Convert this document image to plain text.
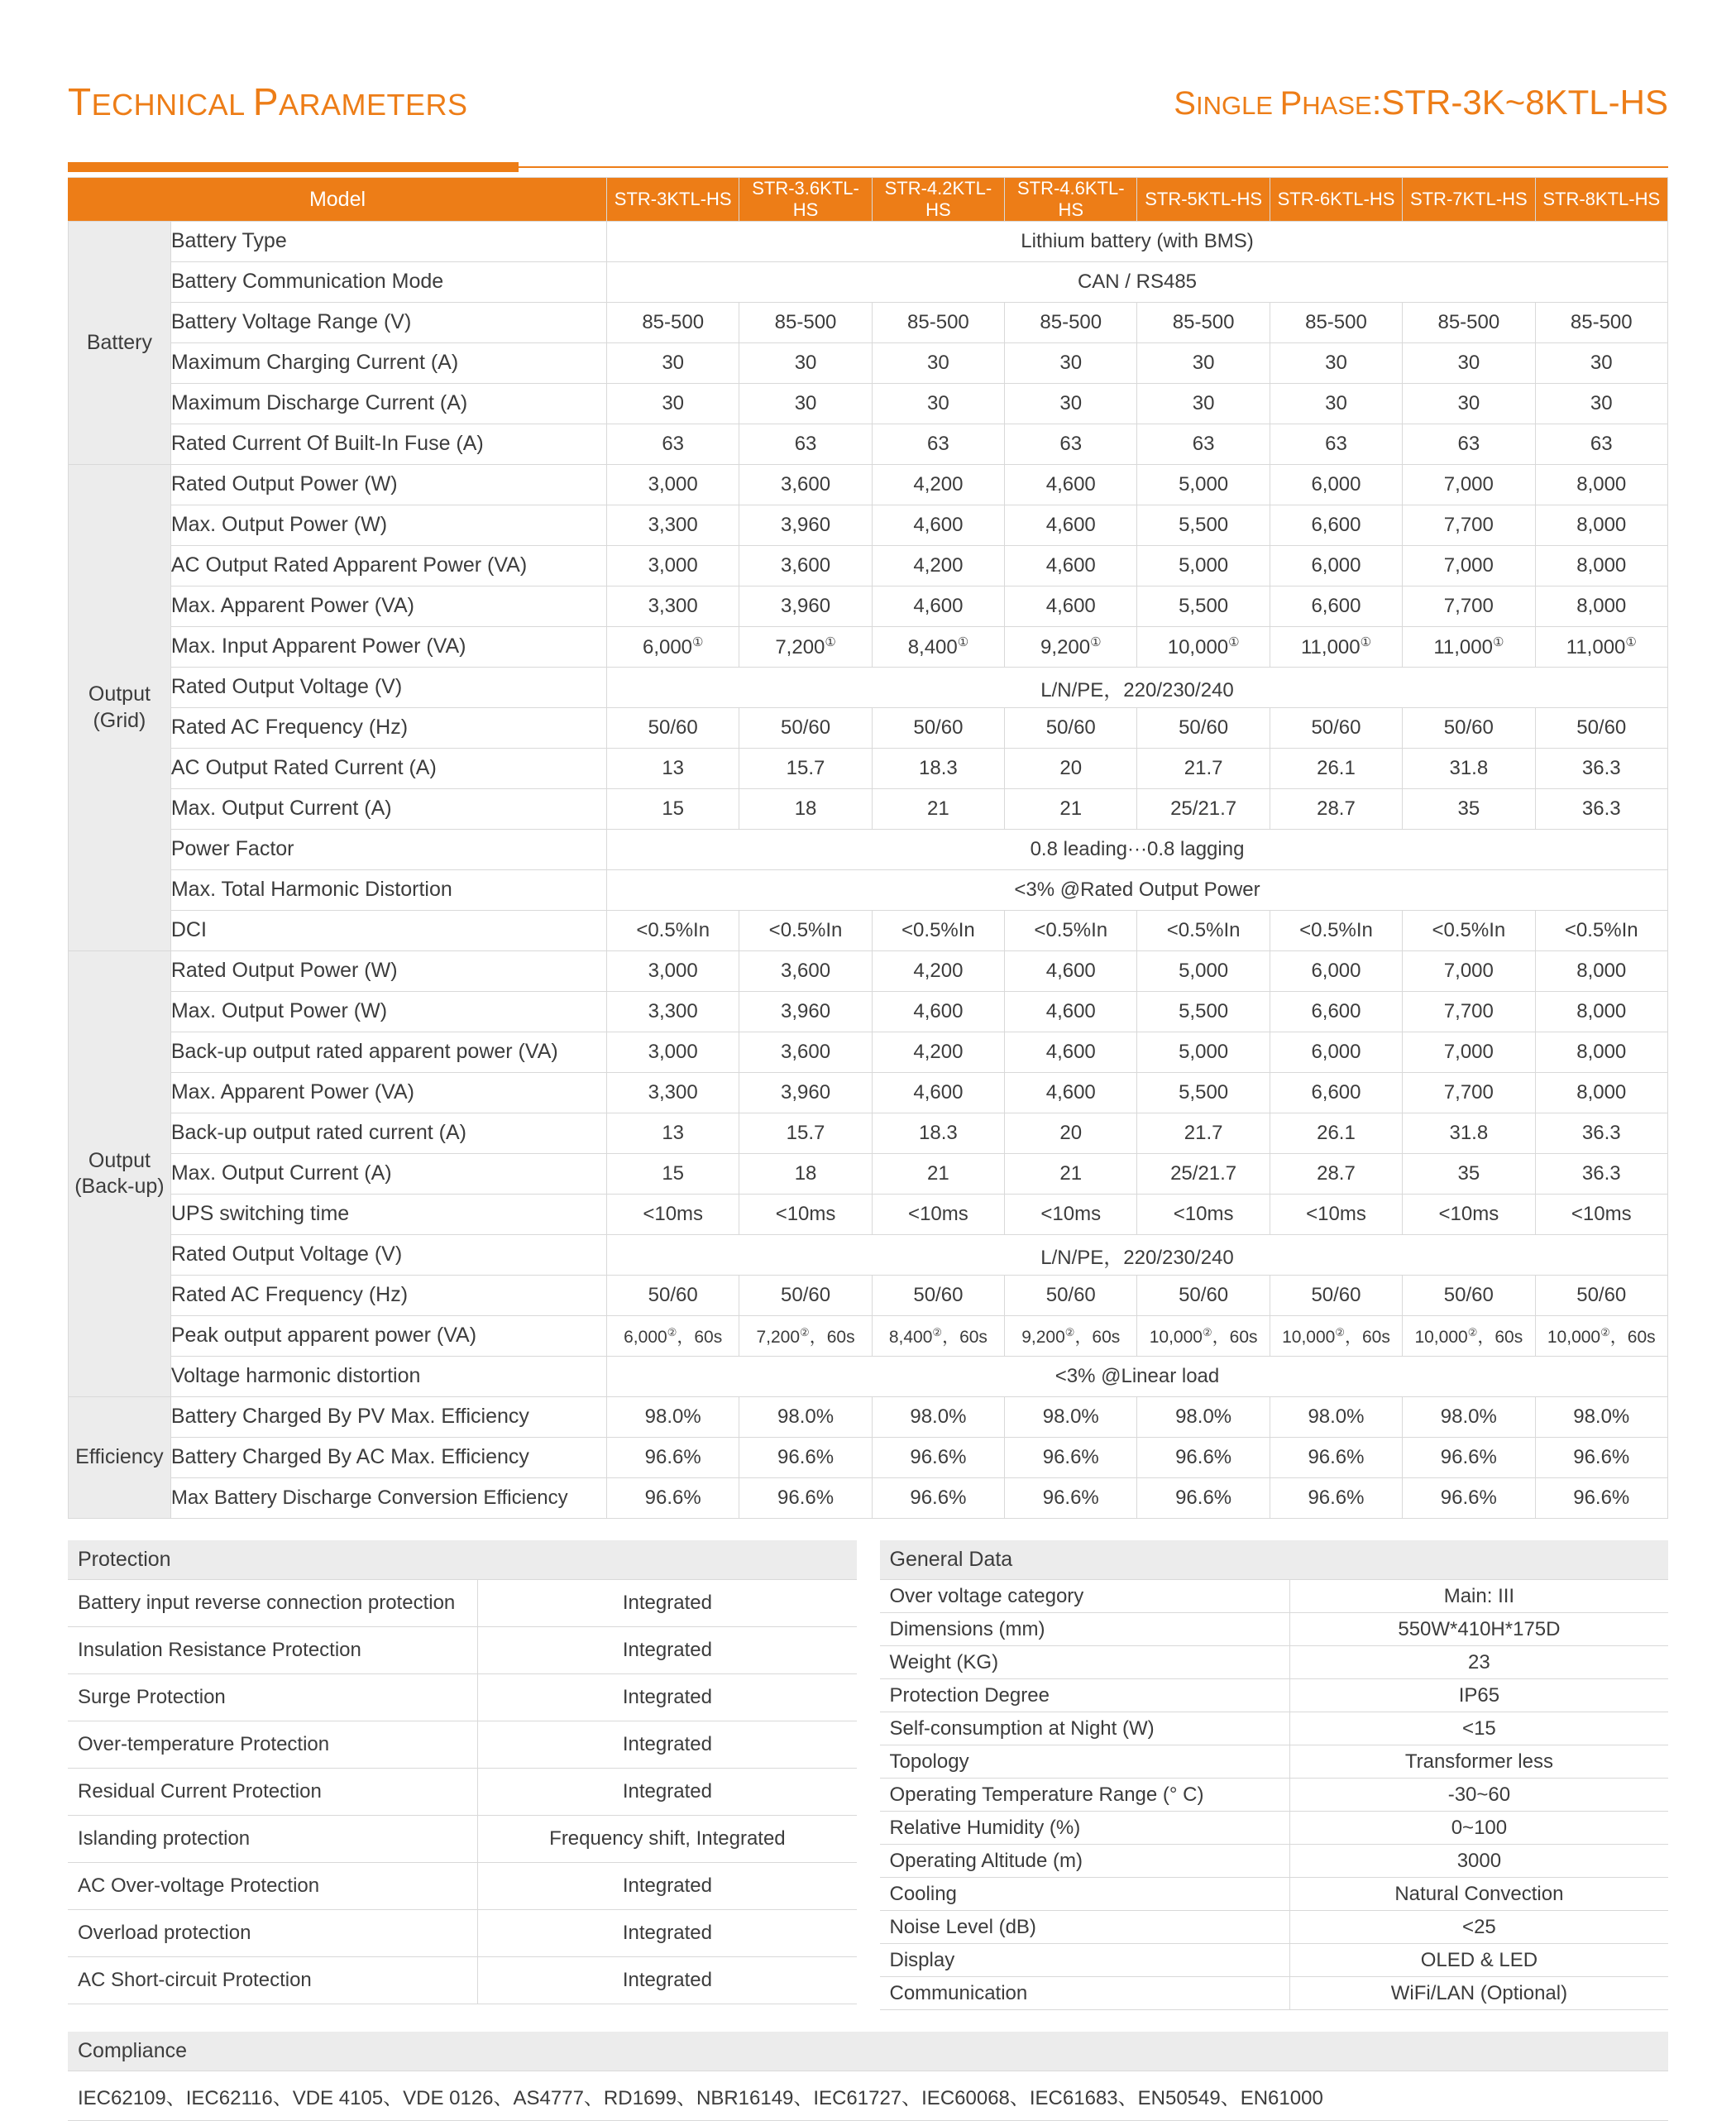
TECHNICAL PARAMETERS	SINGLE PHASE:STR-3K~8KTL-HS
Model		STR-3KTL-HS	STR-3.6KTL-HS	STR-4.2KTL-HS	STR-4.6KTL-HS	STR-5KTL-HS	STR-6KTL-HS	STR-7KTL-HS	STR-8KTL-HS
Battery	Battery Type	Lithium battery (with BMS)							
	Battery Communication Mode	CAN / RS485							
	Battery Voltage Range (V)	85-500	85-500	85-500	85-500	85-500	85-500	85-500	85-500
	Maximum Charging Current (A)	30	30	30	30	30	30	30	30
	Maximum Discharge Current (A)	30	30	30	30	30	30	30	30
	Rated Current Of Built-In Fuse (A)	63	63	63	63	63	63	63	63
Output
(Grid)	Rated Output Power (W)	3,000	3,600	4,200	4,600	5,000	6,000	7,000	8,000
	Max. Output Power (W)	3,300	3,960	4,600	4,600	5,500	6,600	7,700	8,000
	AC Output Rated Apparent Power (VA)	3,000	3,600	4,200	4,600	5,000	6,000	7,000	8,000
	Max. Apparent Power (VA)	3,300	3,960	4,600	4,600	5,500	6,600	7,700	8,000
	Max. Input Apparent Power (VA)	6,000①	7,200①	8,400①	9,200①	10,000①	11,000①	11,000①	11,000①
	Rated Output Voltage (V)	L/N/PE，220/230/240							
	Rated AC Frequency (Hz)	50/60	50/60	50/60	50/60	50/60	50/60	50/60	50/60
	AC Output Rated Current (A)	13	15.7	18.3	20	21.7	26.1	31.8	36.3
	Max. Output Current (A)	15	18	21	21	25/21.7	28.7	35	36.3
	Power Factor	0.8 leading···0.8 lagging							
	Max. Total Harmonic Distortion	<3% @Rated Output Power							
	DCI	<0.5%In	<0.5%In	<0.5%In	<0.5%In	<0.5%In	<0.5%In	<0.5%In	<0.5%In
Output
(Back-up)	Rated Output Power (W)	3,000	3,600	4,200	4,600	5,000	6,000	7,000	8,000
	Max. Output Power (W)	3,300	3,960	4,600	4,600	5,500	6,600	7,700	8,000
	Back-up output rated apparent power (VA)	3,000	3,600	4,200	4,600	5,000	6,000	7,000	8,000
	Max. Apparent Power (VA)	3,300	3,960	4,600	4,600	5,500	6,600	7,700	8,000
	Back-up output rated current (A)	13	15.7	18.3	20	21.7	26.1	31.8	36.3
	Max. Output Current (A)	15	18	21	21	25/21.7	28.7	35	36.3
	UPS switching time	<10ms	<10ms	<10ms	<10ms	<10ms	<10ms	<10ms	<10ms
	Rated Output Voltage (V)	L/N/PE，220/230/240							
	Rated AC Frequency (Hz)	50/60	50/60	50/60	50/60	50/60	50/60	50/60	50/60
	Peak output apparent power (VA)	6,000②，60s	7,200②，60s	8,400②，60s	9,200②，60s	10,000②，60s	10,000②，60s	10,000②，60s	10,000②，60s
	Voltage harmonic distortion	<3% @Linear load							
Efficiency	Battery Charged By PV Max. Efficiency	98.0%	98.0%	98.0%	98.0%	98.0%	98.0%	98.0%	98.0%
	Battery Charged By AC Max. Efficiency	96.6%	96.6%	96.6%	96.6%	96.6%	96.6%	96.6%	96.6%
	Max Battery Discharge Conversion Efficiency	96.6%	96.6%	96.6%	96.6%	96.6%	96.6%	96.6%	96.6%
Protection	
Battery input reverse connection protection	Integrated
Insulation Resistance Protection	Integrated
Surge Protection	Integrated
Over-temperature Protection	Integrated
Residual Current Protection	Integrated
Islanding protection	Frequency shift, Integrated
AC Over-voltage Protection	Integrated
Overload protection	Integrated
AC Short-circuit Protection	Integrated
General Data	
Over voltage category	Main: III
Dimensions (mm)	550W*410H*175D
Weight (KG)	23
Protection Degree	IP65
Self-consumption at Night (W)	<15
Topology	Transformer less
Operating Temperature Range (° C)	-30~60
Relative Humidity (%)	0~100
Operating Altitude (m)	3000
Cooling	Natural Convection
Noise Level (dB)	<25
Display	OLED & LED
Communication	WiFi/LAN (Optional)
Compliance
IEC62109、IEC62116、VDE 4105、VDE 0126、AS4777、RD1699、NBR16149、IEC61727、IEC60068、IEC61683、EN50549、EN61000
